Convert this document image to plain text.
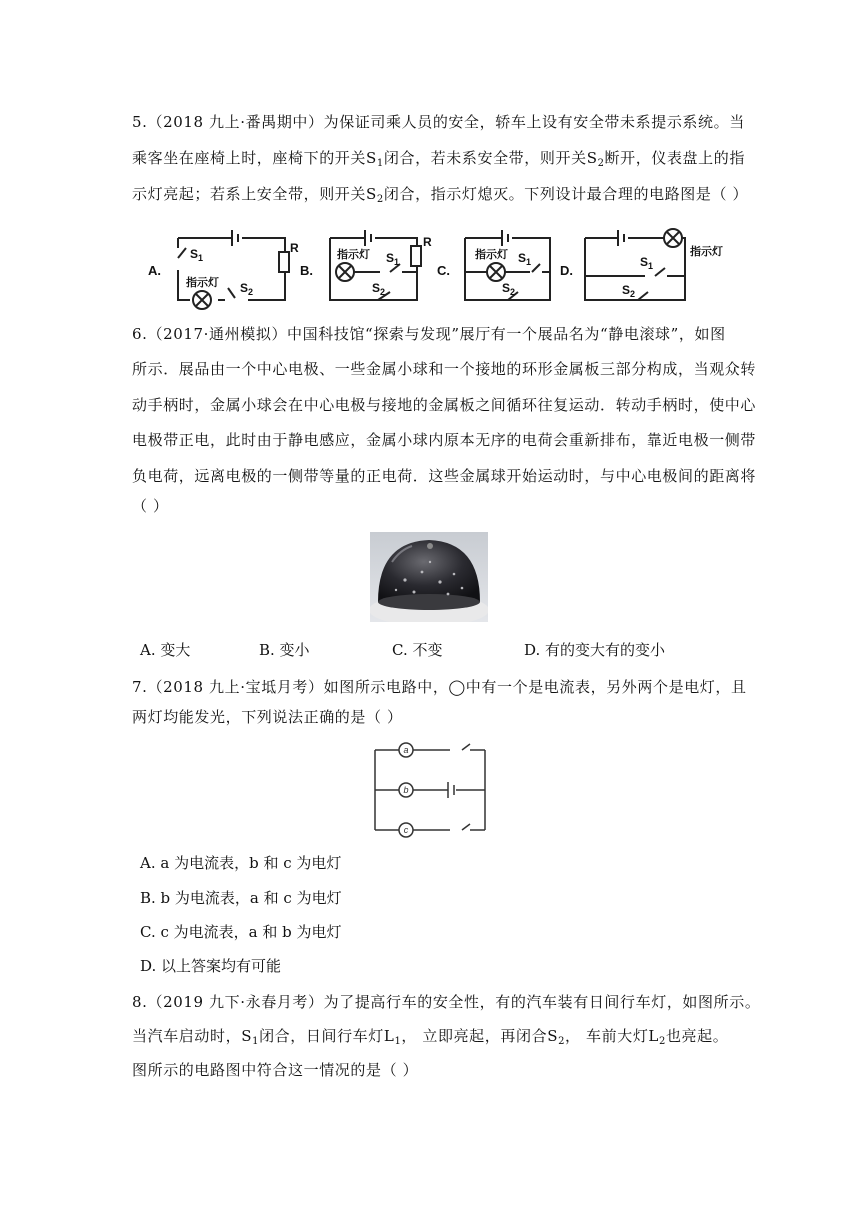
5.（2018 九上·番禺期中）为保证司乘人员的安全，轿车上设有安全带未系提示系统。当
乘客坐在座椅上时，座椅下的开关$S_1$闭合，若未系安全带，则开关$S_2$断开，仪表盘上的指
示灯亮起；若系上安全带，则开关$S_2$闭合，指示灯熄灭。下列设计最合理的电路图是（ ）
A.	B.	C.	D.
指示灯
指示灯	指示灯	指示灯
R	R
$S_1$
$S_2$
$S_1$
$S_2$
$S_1$
$S_2$
$S_1$
$S_2$
6.（2017·通州模拟）中国科技馆“探索与发现”展厅有一个展品名为“静电滚球”，如图
所示．展品由一个中心电极、一些金属小球和一个接地的环形金属板三部分构成，当观众转
动手柄时，金属小球会在中心电极与接地的金属板之间循环往复运动．转动手柄时，使中心
电极带正电，此时由于静电感应，金属小球内原本无序的电荷会重新排布，靠近电极一侧带
负电荷，远离电极的一侧带等量的正电荷．这些金属球开始运动时，与中心电极间的距离将
（ ）
A. 变大	B. 变小	C. 不变	D. 有的变大有的变小
7.（2018 九上·宝坻月考）如图所示电路中，◯中有一个是电流表，另外两个是电灯，且
两灯均能发光，下列说法正确的是（ ）
a
b
c
A. a 为电流表，b 和 c 为电灯
B. b 为电流表，a 和 c 为电灯
C. c 为电流表，a 和 b 为电灯
D. 以上答案均有可能
8.（2019 九下·永春月考）为了提高行车的安全性，有的汽车装有日间行车灯，如图所示。
当汽车启动时，$S_1$闭合，日间行车灯$L_1$， 立即亮起，再闭合$S_2$， 车前大灯$L_2$也亮起。
图所示的电路图中符合这一情况的是（ ）
